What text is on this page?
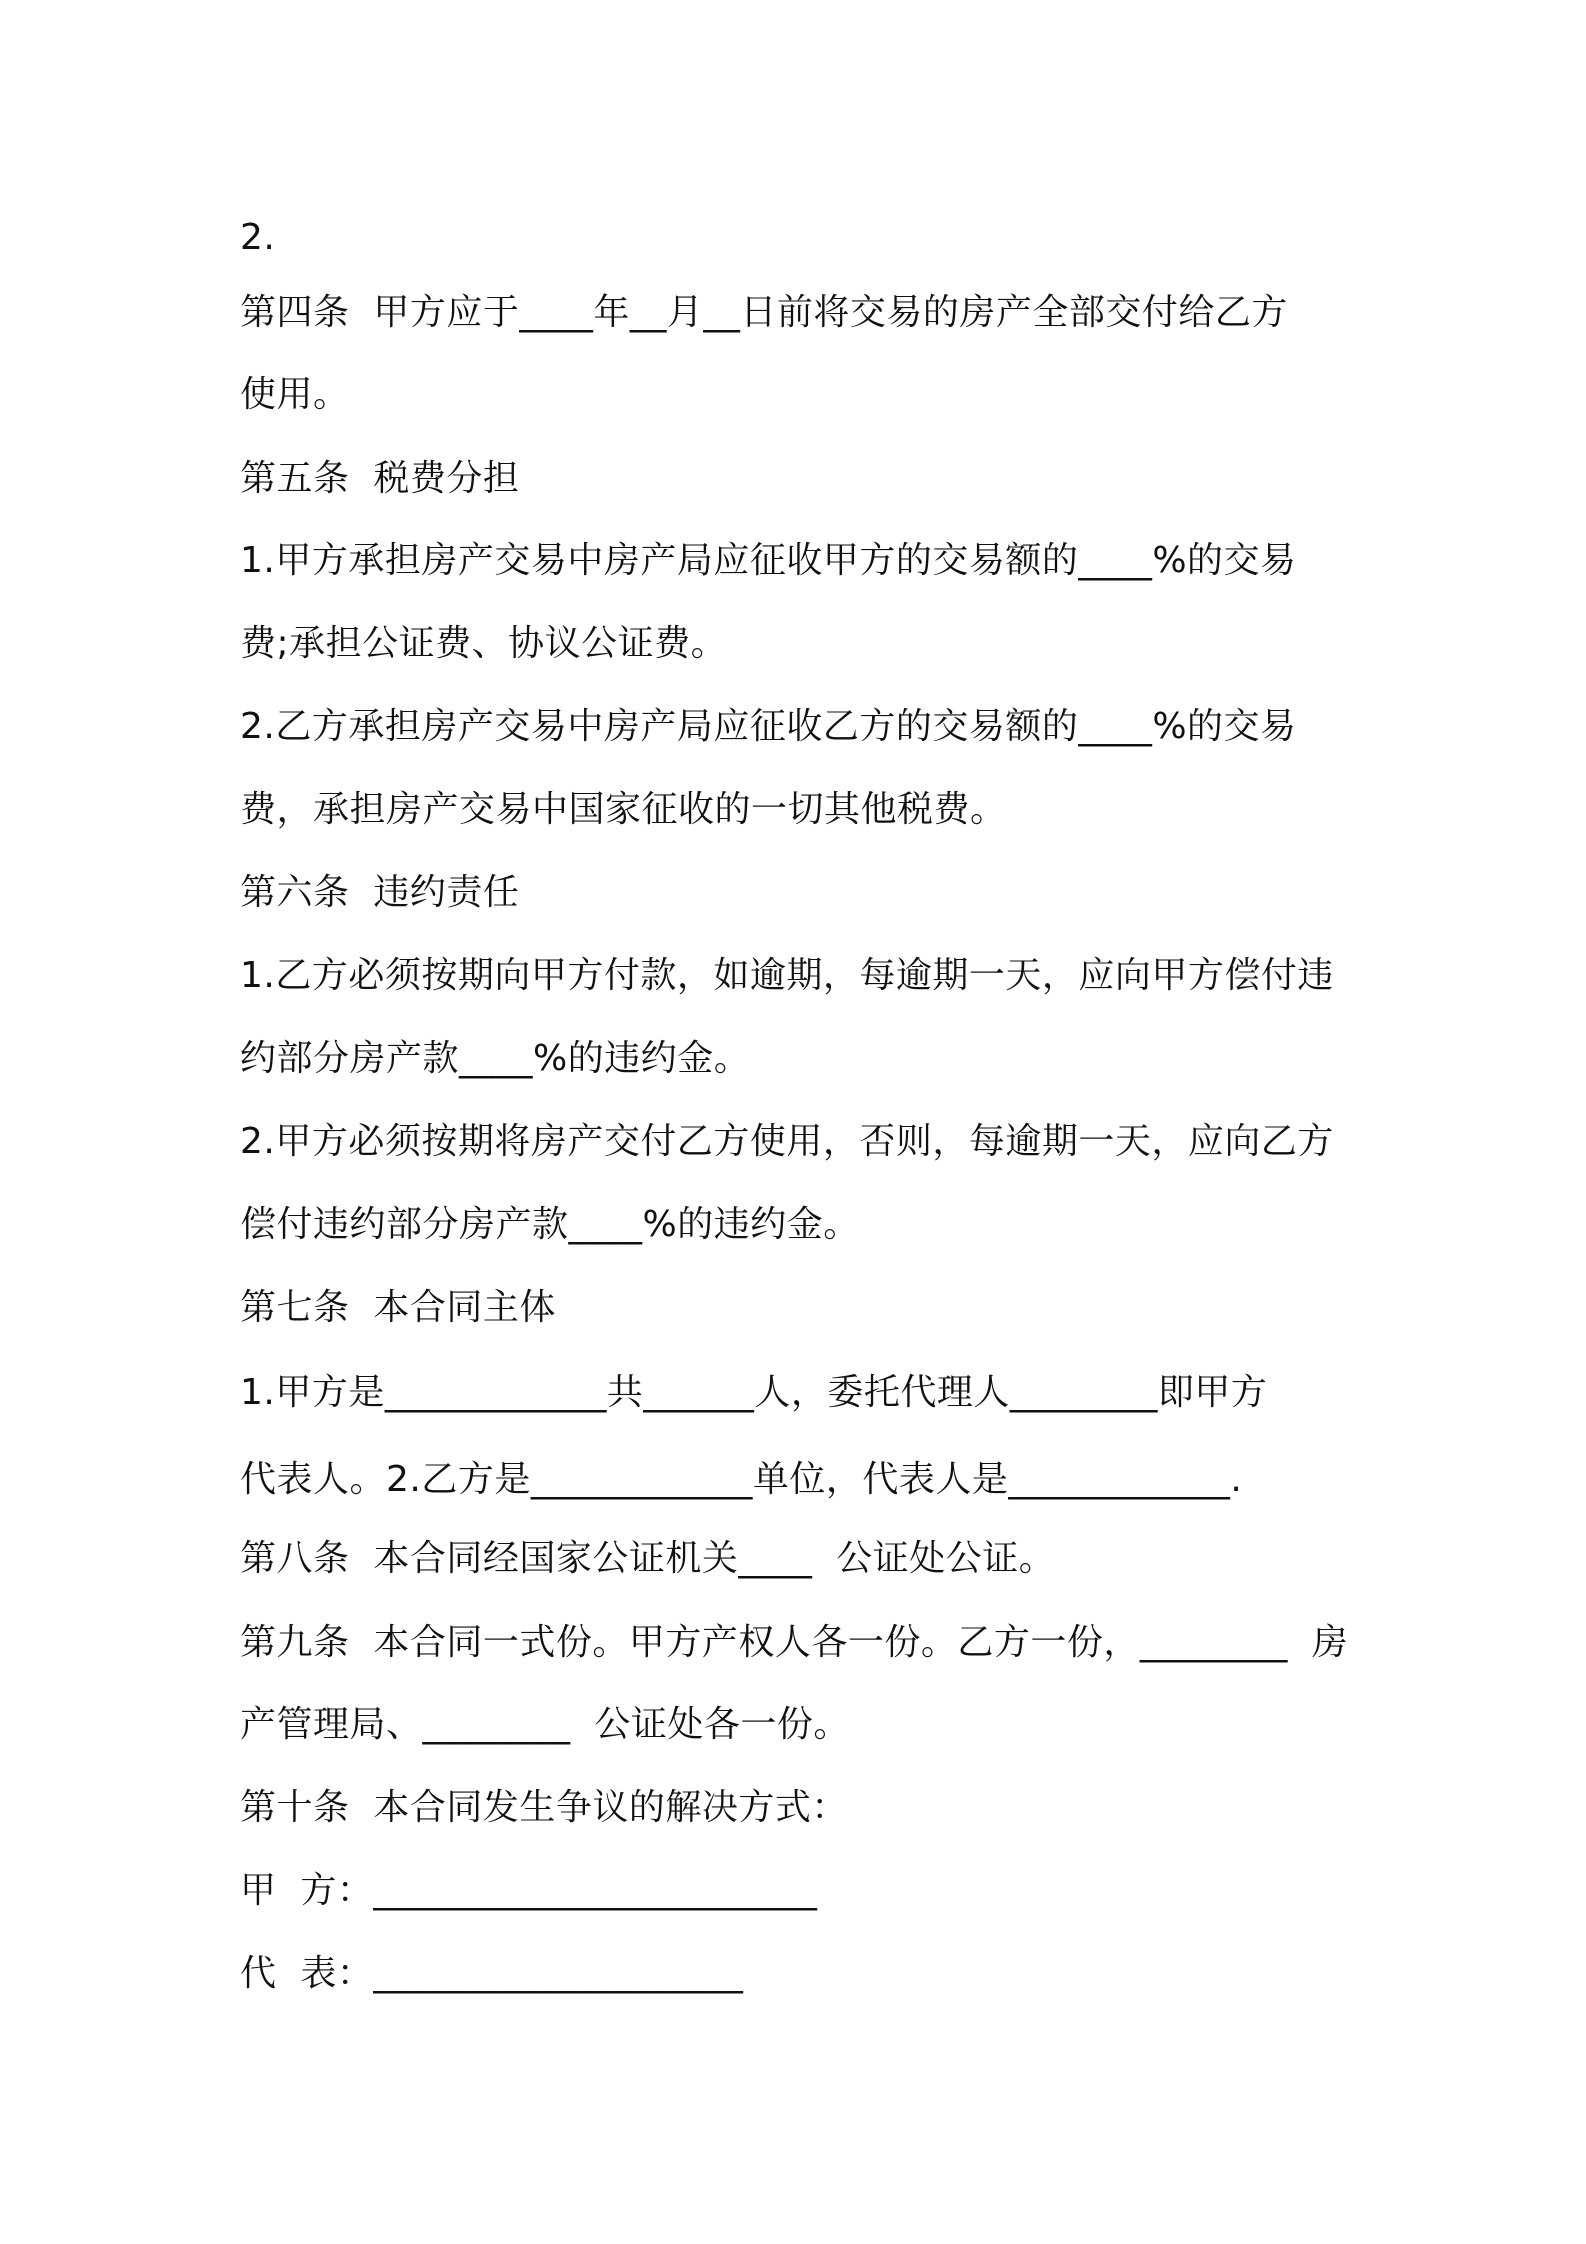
2.
第四条  甲方应于____年__月__日前将交易的房产全部交付给乙方
使用。
第五条  税费分担
1.甲方承担房产交易中房产局应征收甲方的交易额的____%的交易
费;承担公证费、协议公证费。
2.乙方承担房产交易中房产局应征收乙方的交易额的____%的交易
费，承担房产交易中国家征收的一切其他税费。
第六条  违约责任
1.乙方必须按期向甲方付款，如逾期，每逾期一天，应向甲方偿付违
约部分房产款____%的违约金。
2.甲方必须按期将房产交付乙方使用，否则，每逾期一天，应向乙方
偿付违约部分房产款____%的违约金。
第七条  本合同主体
1.甲方是____________共______人，委托代理人________即甲方
代表人。2.乙方是____________单位，代表人是____________.
第八条  本合同经国家公证机关____  公证处公证。
第九条  本合同一式份。甲方产权人各一份。乙方一份，________  房
产管理局、________  公证处各一份。
第十条  本合同发生争议的解决方式：
甲  方：________________________
代  表：____________________
